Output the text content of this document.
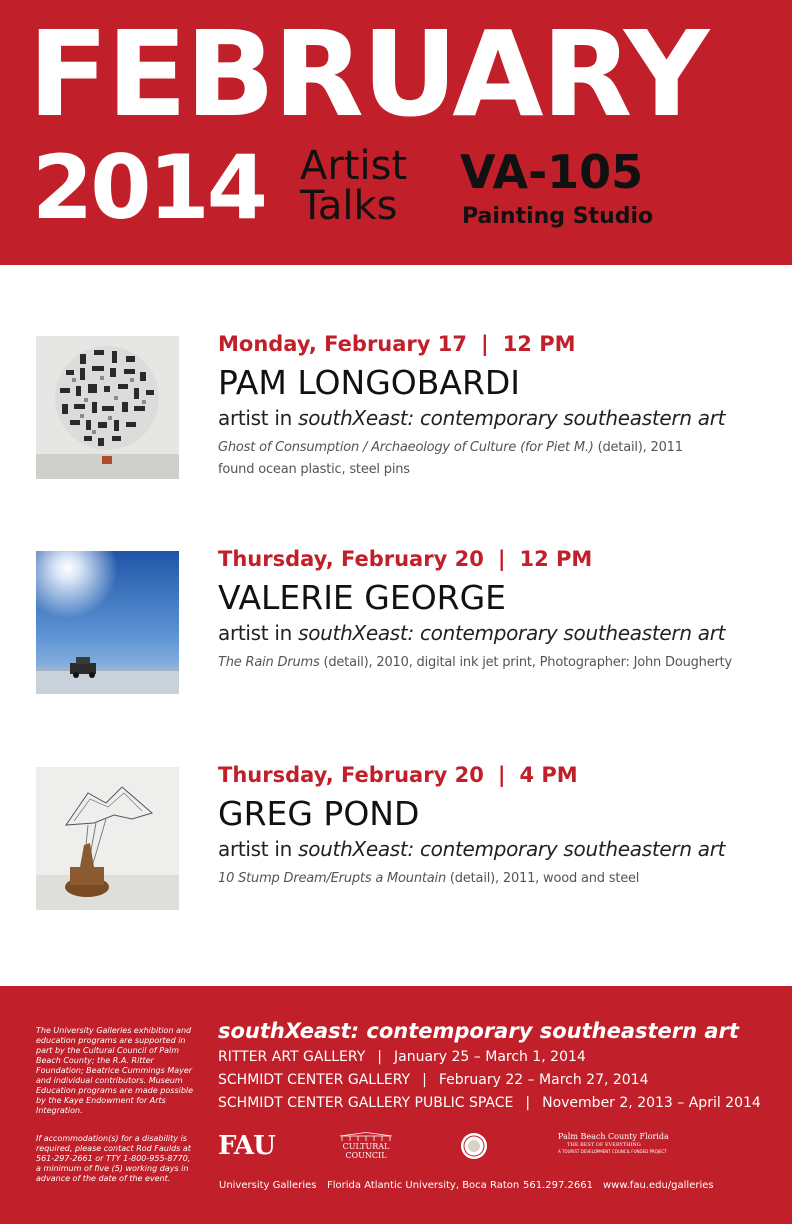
FEBRUARY
2014 Artist
Talks
VA-105
Painting Studio
Monday, February 17 | 12 PM
PAM LONGOBARDI
artist in southXeast: contemporary southeastern art
Ghost of Consumption / Archaeology of Culture (for Piet M.) (detail), 2011
found ocean plastic, steel pins
Thursday, February 20 | 12 PM
VALERIE GEORGE
artist in southXeast: contemporary southeastern art
The Rain Drums (detail), 2010, digital ink jet print, Photographer: John Dougherty
Thursday, February 20 | 4 PM
GREG POND
artist in southXeast: contemporary southeastern art
10 Stump Dream/Erupts a Mountain (detail), 2011, wood and steel
The University Galleries exhibition and education programs are supported in part by the Cultural Council of Palm Beach County; the R.A. Ritter Foundation; Beatrice Cummings Mayer and individual contributors. Museum Education programs are made possible by the Kaye Endowment for Arts Integration.
If accommodation(s) for a disability is required, please contact Rod Faulds at 561-297-2661 or TTY 1-800-955-8770, a minimum of five (5) working days in advance of the date of the event.
southXeast: contemporary southeastern art
RITTER ART GALLERY | January 25 – March 1, 2014
SCHMIDT CENTER GALLERY | February 22 – March 27, 2014
SCHMIDT CENTER GALLERY PUBLIC SPACE | November 2, 2013 – April 2014
FAU	CULTURAL
COUNCIL
Palm Beach County Florida
THE BEST OF EVERYTHING
A TOURIST DEVELOPMENT COUNCIL FUNDED PROJECT
University Galleries Florida Atlantic University, Boca Raton 561.297.2661 www.fau.edu/galleries
